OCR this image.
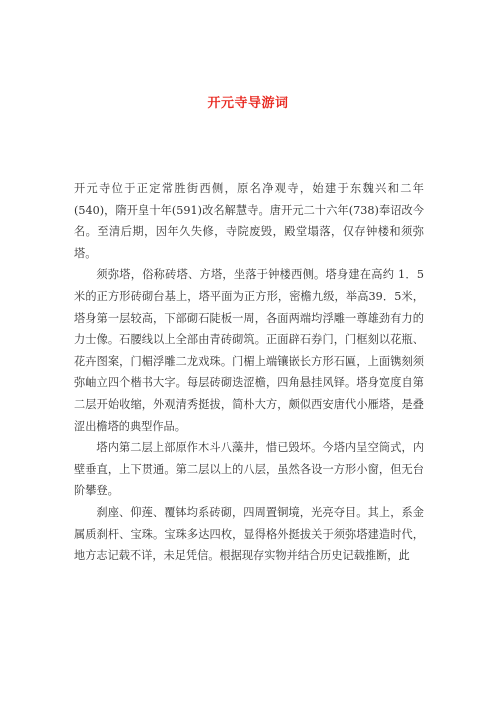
开元寺导游词

开元寺位于正定常胜街西侧，原名净观寺，始建于东魏兴和二年(540)，隋开皇十年(591)改名解慧寺。唐开元二十六年(738)奉诏改今名。至清后期，因年久失修，寺院废毁，殿堂塌落，仅存钟楼和须弥塔。

须弥塔，俗称砖塔、方塔，坐落于钟楼西侧。塔身建在高约 1．5 米的正方形砖砌台基上，塔平面为正方形，密檐九级，举高39．5米，塔身第一层较高，下部砌石陡板一周，各面两端均浮雕一尊雄劲有力的力士像。石腰线以上全部由青砖砌筑。正面辟石券门，门框刻以花瓶、花卉图案，门楣浮雕二龙戏珠。门楣上端镶嵌长方形石匾，上面镌刻须弥岫立四个楷书大字。每层砖砌迭涩檐，四角悬挂风铎。塔身宽度自第二层开始收缩，外观清秀挺拔，简朴大方，颇似西安唐代小雁塔，是叠涩出檐塔的典型作品。

塔内第二层上部原作木斗八藻井，惜已毁坏。今塔内呈空筒式，内壁垂直，上下贯通。第二层以上的八层，虽然各设一方形小窗，但无台阶攀登。

刹座、仰莲、覆钵均系砖砌，四周置铜境，光亮夺目。其上，系金属质刹杆、宝珠。宝珠多达四枚，显得格外挺拔关于须弥塔建造时代，地方志记载不详，未足凭信。根据现存实物并结合历史记载推断，此
